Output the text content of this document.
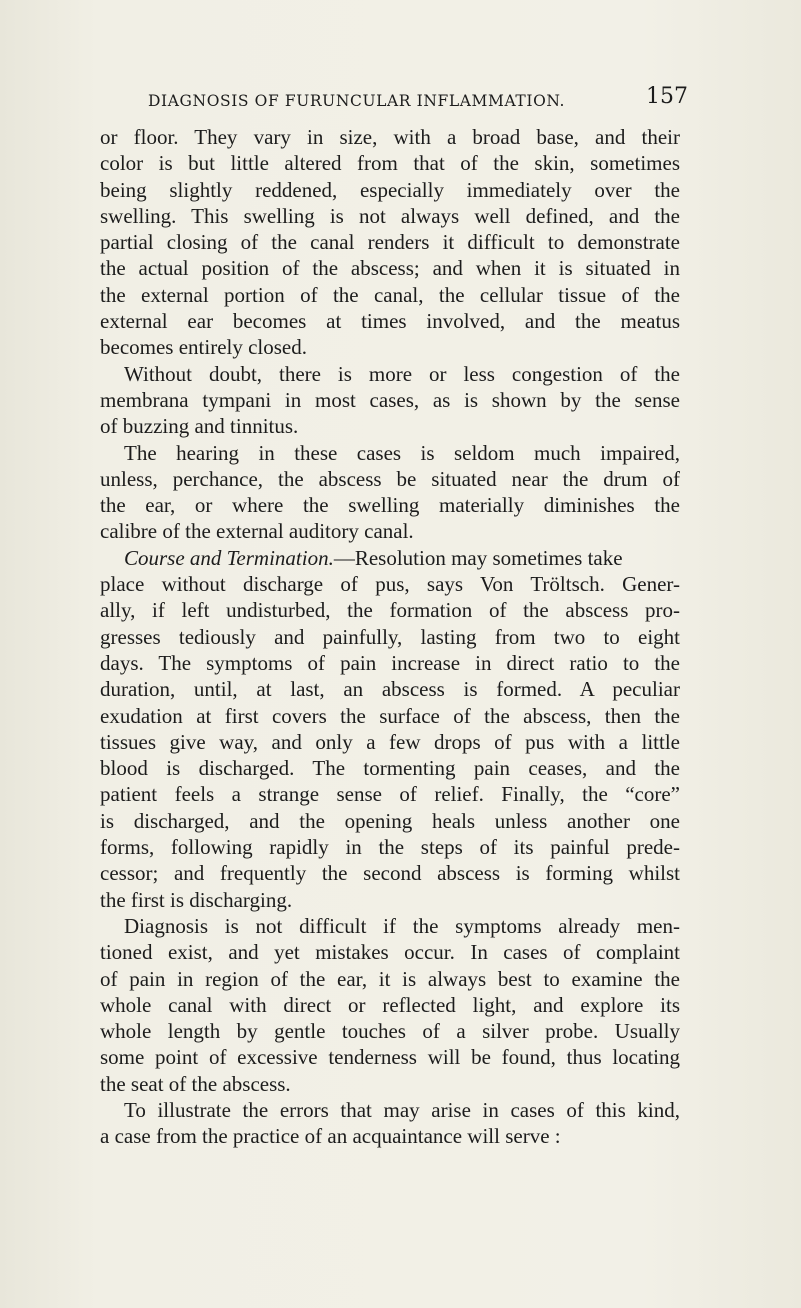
DIAGNOSIS OF FURUNCULAR INFLAMMATION.	157
or floor. They vary in size, with a broad base, and their
color is but little altered from that of the skin, sometimes
being slightly reddened, especially immediately over the
swelling. This swelling is not always well defined, and the
partial closing of the canal renders it difficult to demonstrate
the actual position of the abscess; and when it is situated in
the external portion of the canal, the cellular tissue of the
external ear becomes at times involved, and the meatus
becomes entirely closed.
Without doubt, there is more or less congestion of the
membrana tympani in most cases, as is shown by the sense
of buzzing and tinnitus.
The hearing in these cases is seldom much impaired,
unless, perchance, the abscess be situated near the drum of
the ear, or where the swelling materially diminishes the
calibre of the external auditory canal.
Course and Termination.—Resolution may sometimes take
place without discharge of pus, says Von Tröltsch. Gener-
ally, if left undisturbed, the formation of the abscess pro-
gresses tediously and painfully, lasting from two to eight
days. The symptoms of pain increase in direct ratio to the
duration, until, at last, an abscess is formed. A peculiar
exudation at first covers the surface of the abscess, then the
tissues give way, and only a few drops of pus with a little
blood is discharged. The tormenting pain ceases, and the
patient feels a strange sense of relief. Finally, the “core”
is discharged, and the opening heals unless another one
forms, following rapidly in the steps of its painful prede-
cessor; and frequently the second abscess is forming whilst
the first is discharging.
Diagnosis is not difficult if the symptoms already men-
tioned exist, and yet mistakes occur. In cases of complaint
of pain in region of the ear, it is always best to examine the
whole canal with direct or reflected light, and explore its
whole length by gentle touches of a silver probe. Usually
some point of excessive tenderness will be found, thus locating
the seat of the abscess.
To illustrate the errors that may arise in cases of this kind,
a case from the practice of an acquaintance will serve :
